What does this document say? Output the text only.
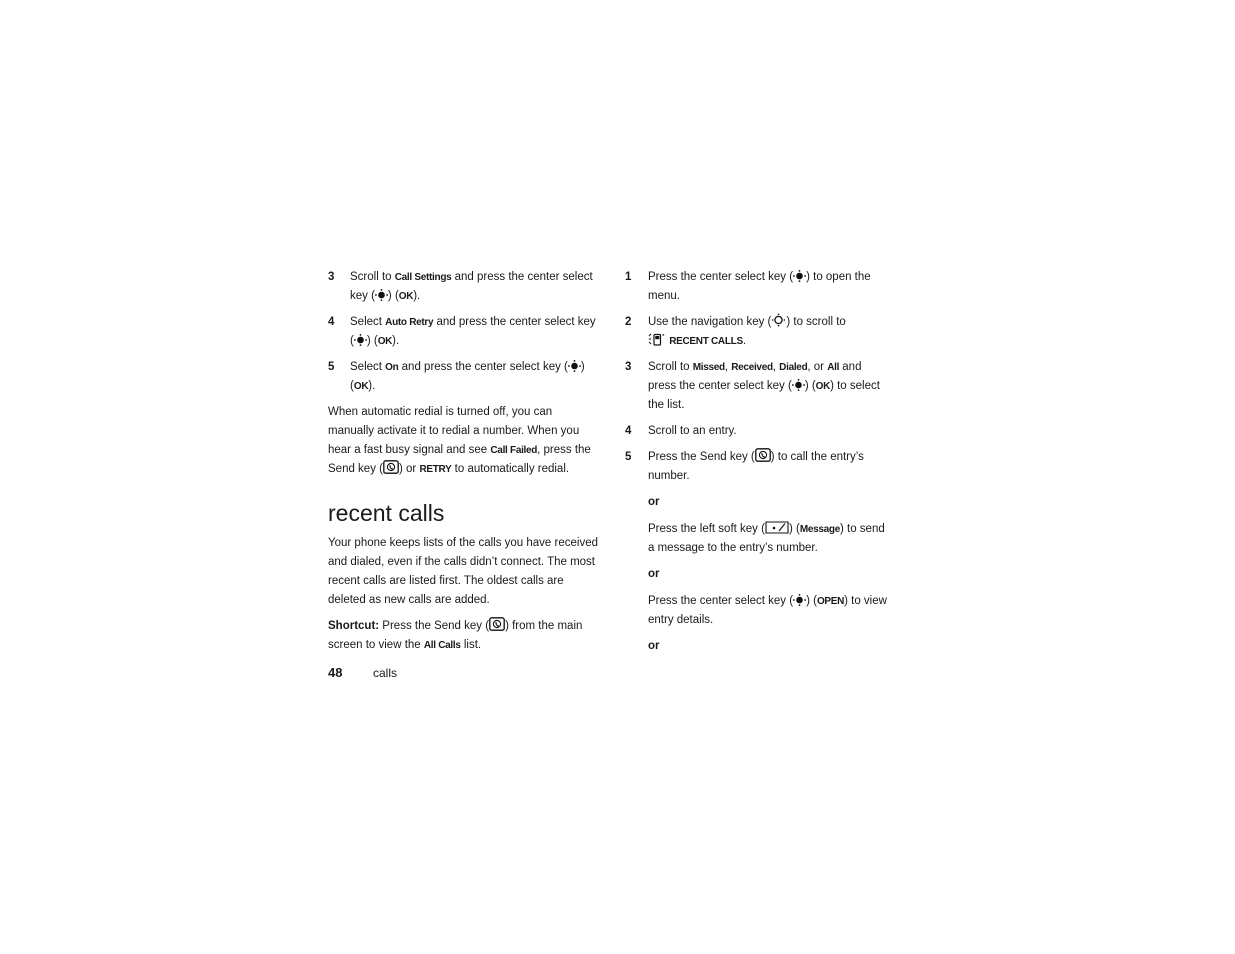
3	Scroll to Call Settings and press the center select key ( ) (OK).
4	Select Auto Retry and press the center select key ( ) (OK).
5	Select On and press the center select key ( ) (OK).
When automatic redial is turned off, you can manually activate it to redial a number. When you hear a fast busy signal and see Call Failed, press the Send key ( ) or RETRY to automatically redial.
recent calls
Your phone keeps lists of the calls you have received and dialed, even if the calls didn’t connect. The most recent calls are listed first. The oldest calls are deleted as new calls are added.
Shortcut: Press the Send key ( ) from the main screen to view the All Calls list.
1	Press the center select key ( ) to open the menu.
2	Use the navigation key ( ) to scroll to
RECENT CALLS.
3	Scroll to Missed, Received, Dialed, or All and press the center select key ( ) (OK) to select the list.
4	Scroll to an entry.
5	Press the Send key ( ) to call the entry’s number.
or
Press the left soft key ( ) (Message) to send a message to the entry’s number.
or
Press the center select key ( ) (OPEN) to view entry details.
or
48	calls
